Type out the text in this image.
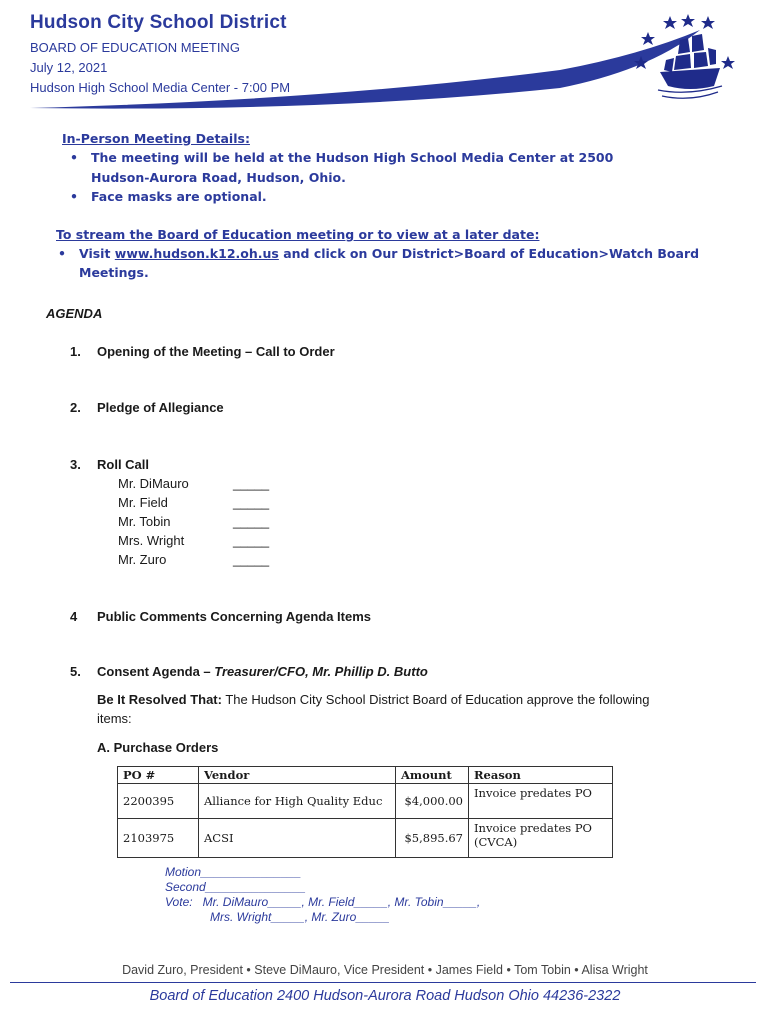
Hudson City School District
BOARD OF EDUCATION MEETING
July 12, 2021
Hudson High School Media Center - 7:00 PM
In-Person Meeting Details:
• The meeting will be held at the Hudson High School Media Center at 2500
Hudson-Aurora Road, Hudson, Ohio.
• Face masks are optional.
To stream the Board of Education meeting or to view at a later date:
• Visit www.hudson.k12.oh.us and click on Our District>Board of Education>Watch Board
Meetings.
AGENDA
1. Opening of the Meeting – Call to Order
2. Pledge of Allegiance
3. Roll Call
Mr. DiMauro	_____
Mr. Field	_____
Mr. Tobin	_____
Mrs. Wright	_____
Mr. Zuro	_____
4 Public Comments Concerning Agenda Items
5. Consent Agenda – Treasurer/CFO, Mr. Phillip D. Butto
Be It Resolved That: The Hudson City School District Board of Education approve the following
items:
A. Purchase Orders
PO #	Vendor	Amount	Reason
2200395	Alliance for High Quality Educ	$4,000.00	Invoice predates PO
2103975	ACSI	$5,895.67	Invoice predates PO
(CVCA)
Motion_______________
Second_______________
Vote:   Mr. DiMauro_____, Mr. Field_____, Mr. Tobin_____,
Mrs. Wright_____, Mr. Zuro_____
David Zuro, President • Steve DiMauro, Vice President • James Field • Tom Tobin • Alisa Wright
Board of Education 2400 Hudson-Aurora Road Hudson Ohio 44236-2322
